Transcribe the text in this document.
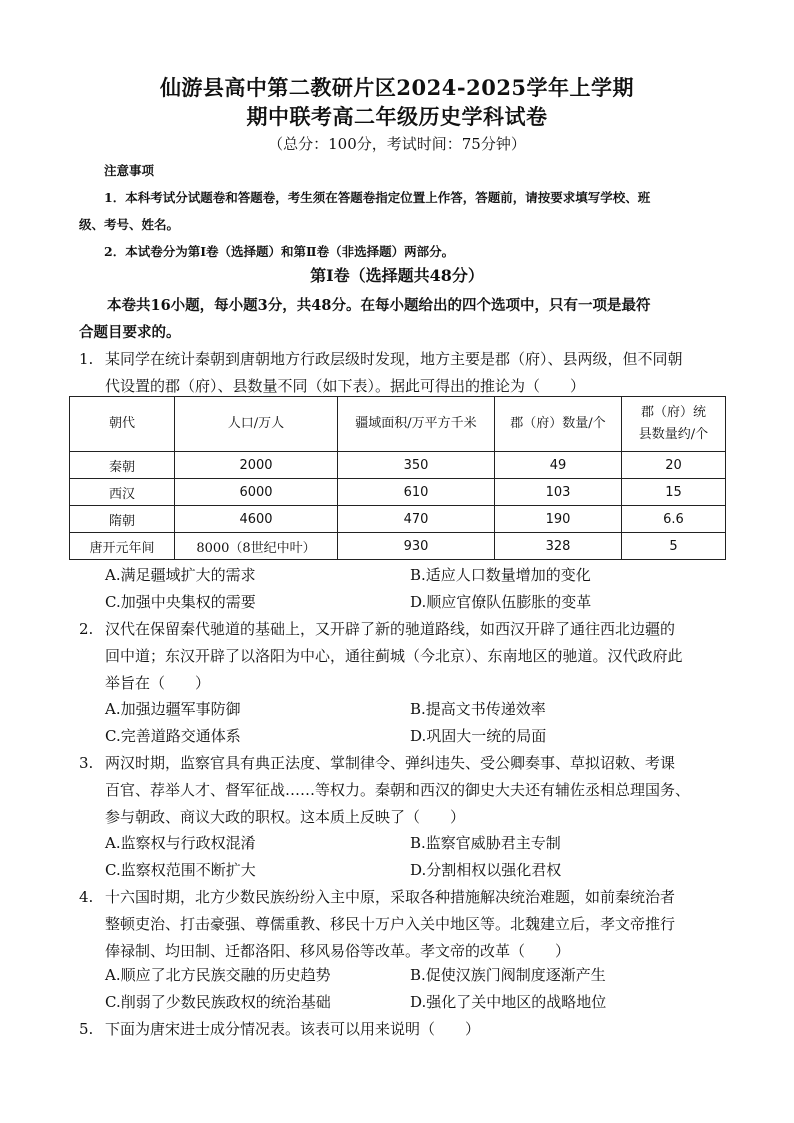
仙游县高中第二教研片区2024-2025学年上学期
期中联考高二年级历史学科试卷
（总分：100分，考试时间：75分钟）
注意事项
1．本科考试分试题卷和答题卷，考生须在答题卷指定位置上作答，答题前，请按要求填写学校、班
级、考号、姓名。
2．本试卷分为第Ⅰ卷（选择题）和第Ⅱ卷（非选择题）两部分。
第Ⅰ卷（选择题共48分）
本卷共16小题，每小题3分，共48分。在每小题给出的四个选项中，只有一项是最符
合题目要求的。
1. 某同学在统计秦朝到唐朝地方行政层级时发现，地方主要是郡（府）、县两级，但不同朝
代设置的郡（府）、县数量不同（如下表）。据此可得出的推论为（　　）
朝代	人口/万人	疆域面积/万平方千米	郡（府）数量/个	郡（府）统县数量约/个
秦朝	2000	350	49	20
西汉	6000	610	103	15
隋朝	4600	470	190	6.6
唐开元年间	8000（8世纪中叶）	930	328	5
A.满足疆域扩大的需求	B.适应人口数量增加的变化
C.加强中央集权的需要	D.顺应官僚队伍膨胀的变革
2. 汉代在保留秦代驰道的基础上，又开辟了新的驰道路线，如西汉开辟了通往西北边疆的
回中道；东汉开辟了以洛阳为中心，通往蓟城（今北京）、东南地区的驰道。汉代政府此
举旨在（　　）
A.加强边疆军事防御	B.提高文书传递效率
C.完善道路交通体系	D.巩固大一统的局面
3. 两汉时期，监察官具有典正法度、掌制律令、弹纠违失、受公卿奏事、草拟诏敕、考课
百官、荐举人才、督军征战……等权力。秦朝和西汉的御史大夫还有辅佐丞相总理国务、
参与朝政、商议大政的职权。这本质上反映了（　　）
A.监察权与行政权混淆	B.监察官威胁君主专制
C.监察权范围不断扩大	D.分割相权以强化君权
4. 十六国时期，北方少数民族纷纷入主中原，采取各种措施解决统治难题，如前秦统治者
整顿吏治、打击豪强、尊儒重教、移民十万户入关中地区等。北魏建立后，孝文帝推行
俸禄制、均田制、迁都洛阳、移风易俗等改革。孝文帝的改革（　　）
A.顺应了北方民族交融的历史趋势	B.促使汉族门阀制度逐渐产生
C.削弱了少数民族政权的统治基础	D.强化了关中地区的战略地位
5. 下面为唐宋进士成分情况表。该表可以用来说明（　　）
